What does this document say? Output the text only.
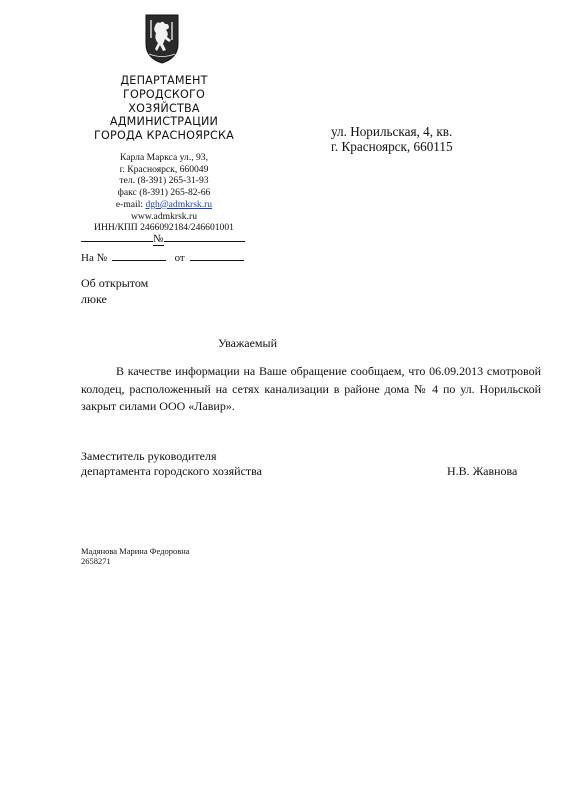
ДЕПАРТАМЕНТ
ГОРОДСКОГО
ХОЗЯЙСТВА
АДМИНИСТРАЦИИ
ГОРОДА КРАСНОЯРСКА
Карла Маркса ул., 93,
г. Красноярск, 660049
тел. (8-391) 265-31-93
факс (8-391) 265-82-66
e-mail: dgh@admkrsk.ru
www.admkrsk.ru
ИНН/КПП 2466092184/246601001
ул. Норильская, 4, кв.
г. Красноярск, 660115
№
На №	от
Об открытом
люке
Уважаемый

В качестве информации на Ваше обращение сообщаем, что 06.09.2013 смотровой колодец, расположенный на сетях канализации в районе дома № 4 по ул. Норильской закрыт силами ООО «Лавир».

Заместитель руководителя
департамента городского хозяйства	Н.В. Жавнова
Мадянова Марина Федоровна
2658271
